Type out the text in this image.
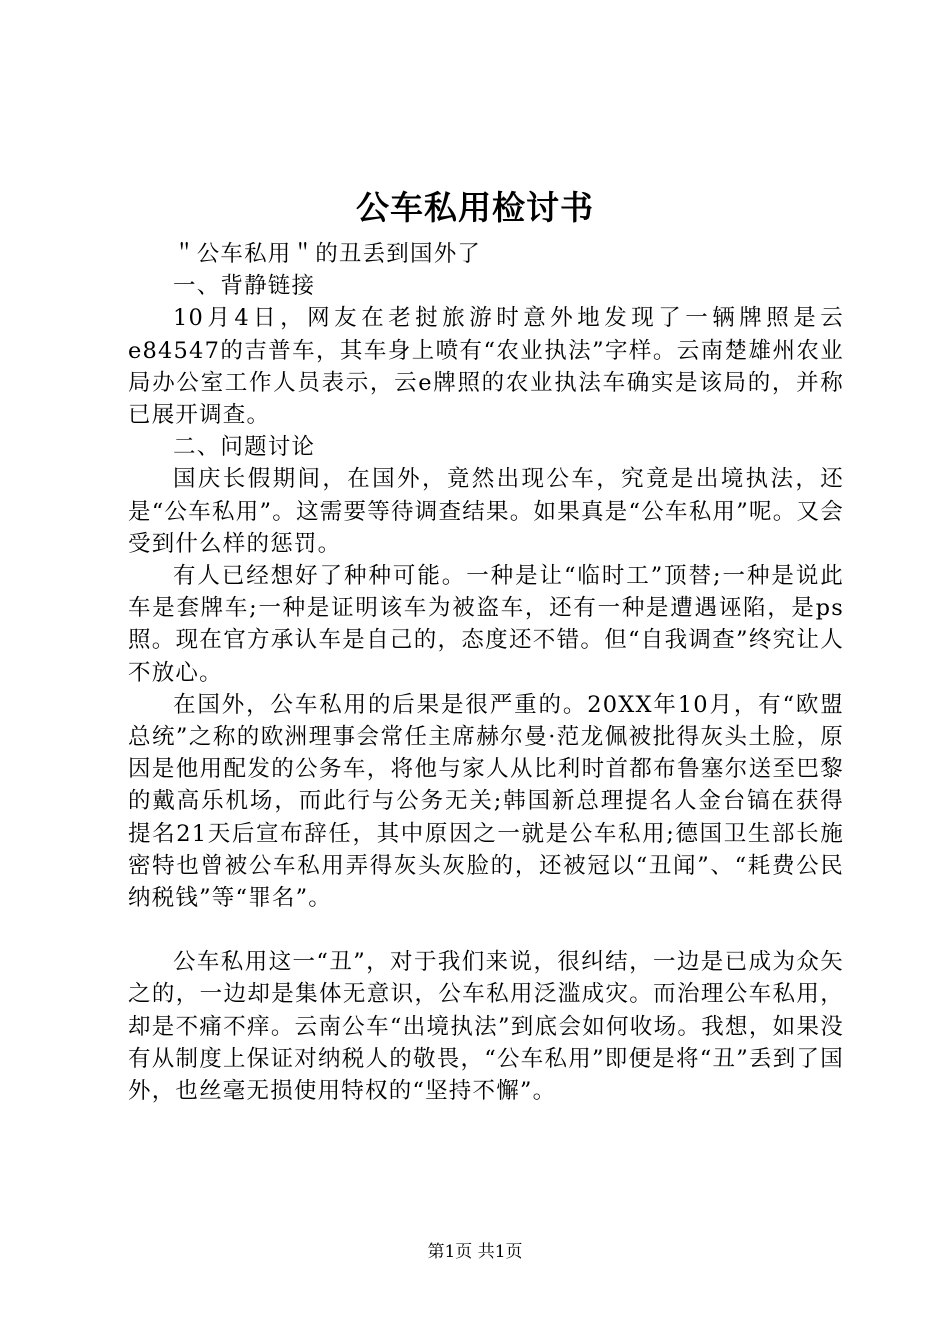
公车私用检讨书

＂公车私用＂的丑丢到国外了

一、背静链接

10月4日，网友在老挝旅游时意外地发现了一辆牌照是云e84547的吉普车，其车身上喷有“农业执法”字样。云南楚雄州农业局办公室工作人员表示，云e牌照的农业执法车确实是该局的，并称已展开调查。

二、问题讨论

国庆长假期间，在国外，竟然出现公车，究竟是出境执法，还是“公车私用”。这需要等待调查结果。如果真是“公车私用”呢。又会受到什么样的惩罚。

有人已经想好了种种可能。一种是让“临时工”顶替;一种是说此车是套牌车;一种是证明该车为被盗车，还有一种是遭遇诬陷，是ps照。现在官方承认车是自己的，态度还不错。但“自我调查”终究让人不放心。

在国外，公车私用的后果是很严重的。20XX年10月，有“欧盟总统”之称的欧洲理事会常任主席赫尔曼·范龙佩被批得灰头土脸，原因是他用配发的公务车，将他与家人从比利时首都布鲁塞尔送至巴黎的戴高乐机场，而此行与公务无关;韩国新总理提名人金台镐在获得提名21天后宣布辞任，其中原因之一就是公车私用;德国卫生部长施密特也曾被公车私用弄得灰头灰脸的，还被冠以“丑闻”、“耗费公民纳税钱”等“罪名”。

公车私用这一“丑”，对于我们来说，很纠结，一边是已成为众矢之的，一边却是集体无意识，公车私用泛滥成灾。而治理公车私用，却是不痛不痒。云南公车“出境执法”到底会如何收场。我想，如果没有从制度上保证对纳税人的敬畏，“公车私用”即便是将“丑”丢到了国外，也丝毫无损使用特权的“坚持不懈”。

第1页 共1页
